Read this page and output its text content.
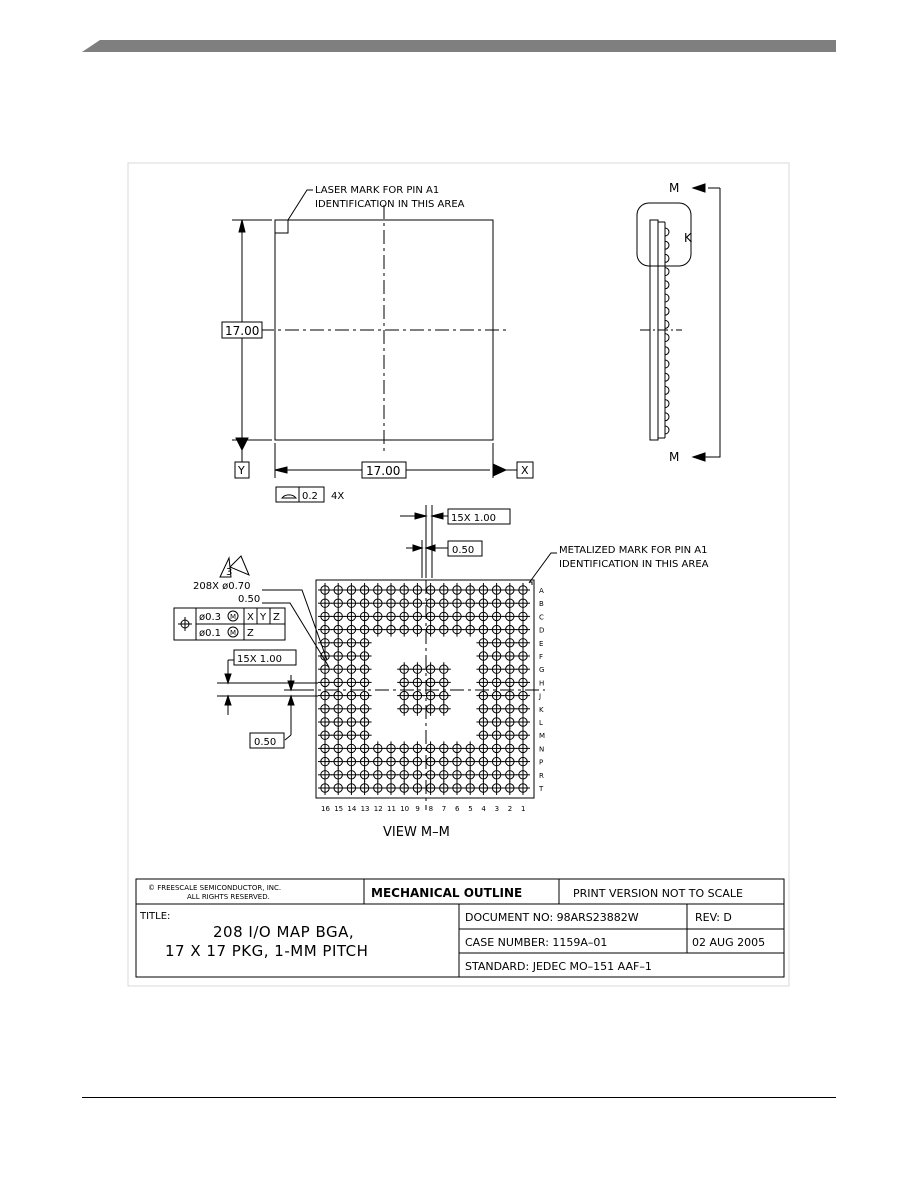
LASER MARK FOR PIN A1
IDENTIFICATION IN THIS AREA
17.00
Y	17.00	X
0.2 4X
K
M
M
A
B
C
D
E
F
G
H
J
K
L
M
N
P
R
T
16 15 14 13 12 11 10 9 8 7 6 5 4 3 2 1
METALIZED MARK FOR PIN A1
IDENTIFICATION IN THIS AREA
15X 1.00
0.50
15X 1.00
0.50
3
208X ø0.70
0.50
ø0.3 M X Y Z
ø0.1 M Z
VIEW M–M
© FREESCALE SEMICONDUCTOR, INC.
ALL RIGHTS RESERVED.	MECHANICAL OUTLINE	PRINT VERSION NOT TO SCALE
TITLE:
208 I/O MAP BGA,
17 X 17 PKG, 1-MM PITCH
DOCUMENT NO: 98ARS23882W	REV: D
CASE NUMBER: 1159A–01	02 AUG 2005
STANDARD: JEDEC MO–151 AAF–1
